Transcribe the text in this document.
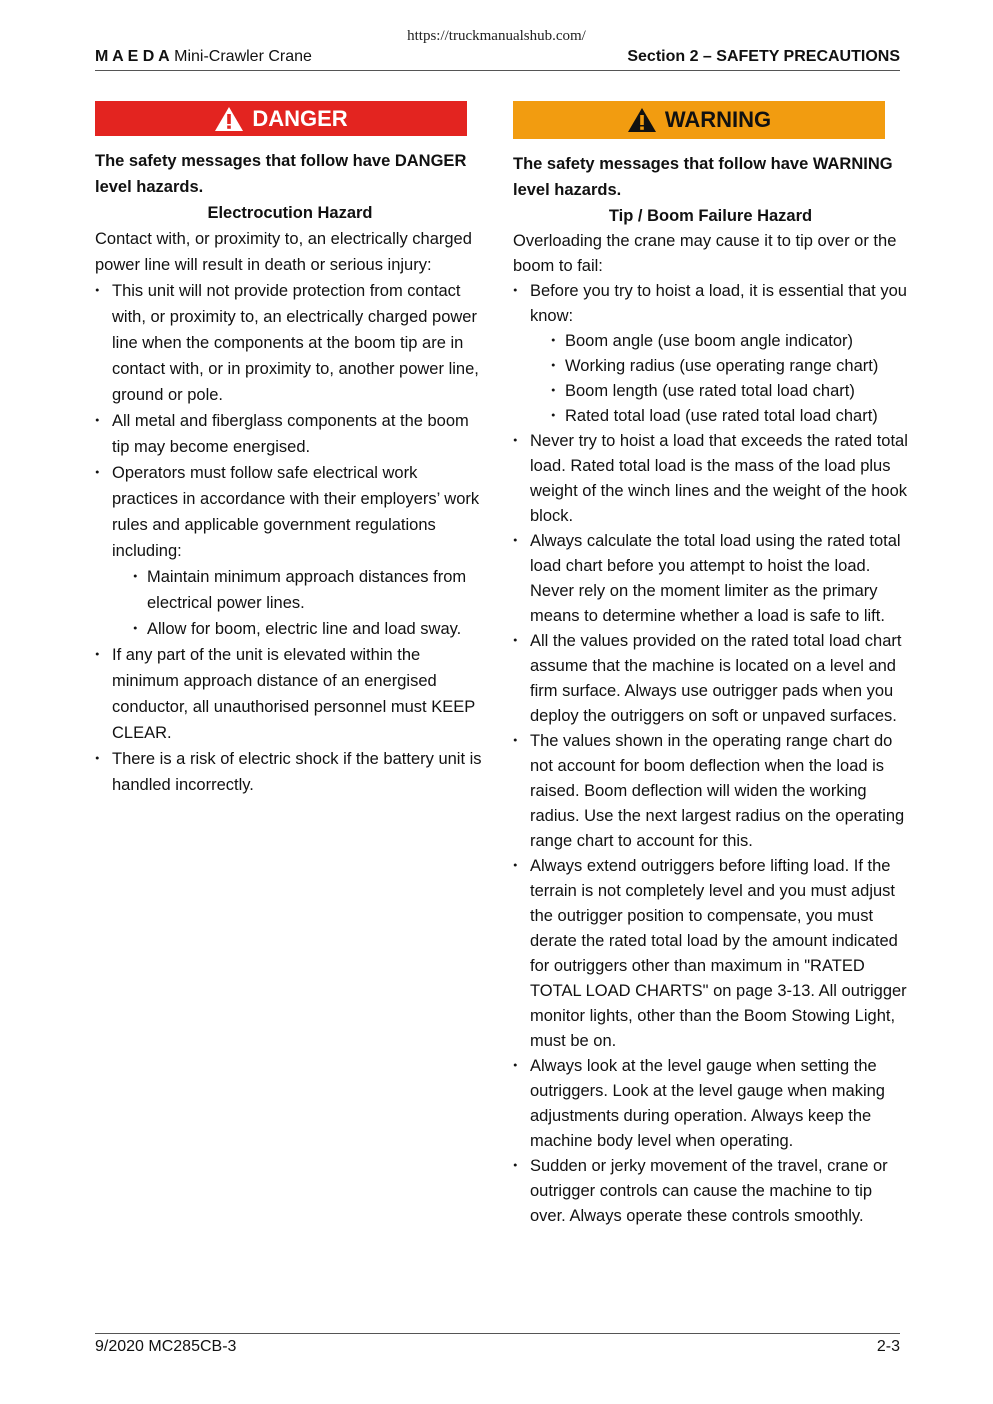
https://truckmanualshub.com/
M A E D A Mini-Crawler Crane	Section 2 – SAFETY PRECAUTIONS
DANGER
The safety messages that follow have DANGER level hazards.
Electrocution Hazard
Contact with, or proximity to, an electrically charged power line will result in death or serious injury:
・ This unit will not provide protection from contact with, or proximity to, an electrically charged power line when the components at the boom tip are in contact with, or in proximity to, another power line, ground or pole.
・ All metal and fiberglass components at the boom tip may become energised.
・ Operators must follow safe electrical work practices in accordance with their employers’ work rules and applicable government regulations including:
・ Maintain minimum approach distances from electrical power lines.
・ Allow for boom, electric line and load sway.
・ If any part of the unit is elevated within the minimum approach distance of an energised conductor, all unauthorised personnel must KEEP CLEAR.
・ There is a risk of electric shock if the battery unit is handled incorrectly.
WARNING
The safety messages that follow have WARNING level hazards.
Tip / Boom Failure Hazard
Overloading the crane may cause it to tip over or the boom to fail:
・ Before you try to hoist a load, it is essential that you know:
・ Boom angle (use boom angle indicator)
・ Working radius (use operating range chart)
・ Boom length (use rated total load chart)
・ Rated total load (use rated total load chart)
・ Never try to hoist a load that exceeds the rated total load. Rated total load is the mass of the load plus weight of the winch lines and the weight of the hook block.
・ Always calculate the total load using the rated total load chart before you attempt to hoist the load. Never rely on the moment limiter as the primary means to determine whether a load is safe to lift.
・ All the values provided on the rated total load chart assume that the machine is located on a level and firm surface. Always use outrigger pads when you deploy the outriggers on soft or unpaved surfaces.
・ The values shown in the operating range chart do not account for boom deflection when the load is raised. Boom deflection will widen the working radius. Use the next largest radius on the operating range chart to account for this.
・ Always extend outriggers before lifting load. If the terrain is not completely level and you must adjust the outrigger position to compensate, you must derate the rated total load by the amount indicated for outriggers other than maximum in "RATED TOTAL LOAD CHARTS" on page 3-13. All outrigger monitor lights, other than the Boom Stowing Light, must be on.
・ Always look at the level gauge when setting the outriggers. Look at the level gauge when making adjustments during operation. Always keep the machine body level when operating.
・ Sudden or jerky movement of the travel, crane or outrigger controls can cause the machine to tip over. Always operate these controls smoothly.
9/2020 MC285CB-3	2-3
